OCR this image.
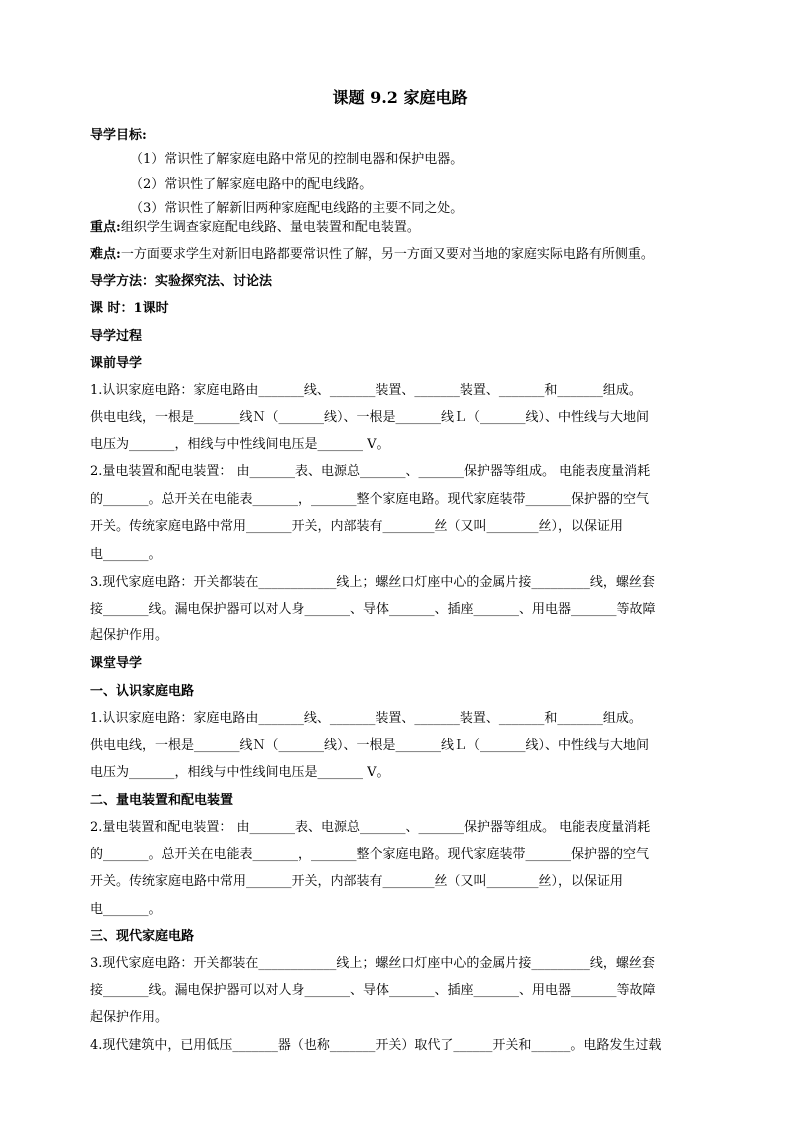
课题 9.2 家庭电路
导学目标:
（1）常识性了解家庭电路中常见的控制电器和保护电器。
（2）常识性了解家庭电路中的配电线路。
（3）常识性了解新旧两种家庭配电线路的主要不同之处。
重点:组织学生调查家庭配电线路、量电装置和配电装置。
难点:一方面要求学生对新旧电路都要常识性了解，另一方面又要对当地的家庭实际电路有所侧重。
导学方法：实验探究法、讨论法
课 时：1课时
导学过程
课前导学
1.认识家庭电路：家庭电路由_______线、_______装置、_______装置、_______和_______组成。
供电电线，一根是_______线Ｎ（_______线）、一根是_______线Ｌ（_______线）、中性线与大地间
电压为_______，相线与中性线间电压是_______ V。
2.量电装置和配电装置： 由_______表、电源总_______、_______保护器等组成。 电能表度量消耗
的_______。总开关在电能表_______，_______整个家庭电路。现代家庭装带_______保护器的空气
开关。传统家庭电路中常用_______开关，内部装有________丝（又叫________丝），以保证用
电_______。
3.现代家庭电路：开关都装在____________线上；螺丝口灯座中心的金属片接_________线，螺丝套
接_______线。漏电保护器可以对人身_______、导体_______、插座_______、用电器_______等故障
起保护作用。
课堂导学
一、认识家庭电路
1.认识家庭电路：家庭电路由_______线、_______装置、_______装置、_______和_______组成。
供电电线，一根是_______线Ｎ（_______线）、一根是_______线Ｌ（_______线）、中性线与大地间
电压为_______，相线与中性线间电压是_______ V。
二、量电装置和配电装置
2.量电装置和配电装置： 由_______表、电源总_______、_______保护器等组成。 电能表度量消耗
的_______。总开关在电能表_______，_______整个家庭电路。现代家庭装带_______保护器的空气
开关。传统家庭电路中常用_______开关，内部装有________丝（又叫________丝），以保证用
电_______。
三、现代家庭电路
3.现代家庭电路：开关都装在____________线上；螺丝口灯座中心的金属片接_________线，螺丝套
接_______线。漏电保护器可以对人身_______、导体_______、插座_______、用电器_______等故障
起保护作用。
4.现代建筑中，已用低压_______器（也称_______开关）取代了______开关和______。电路发生过载
